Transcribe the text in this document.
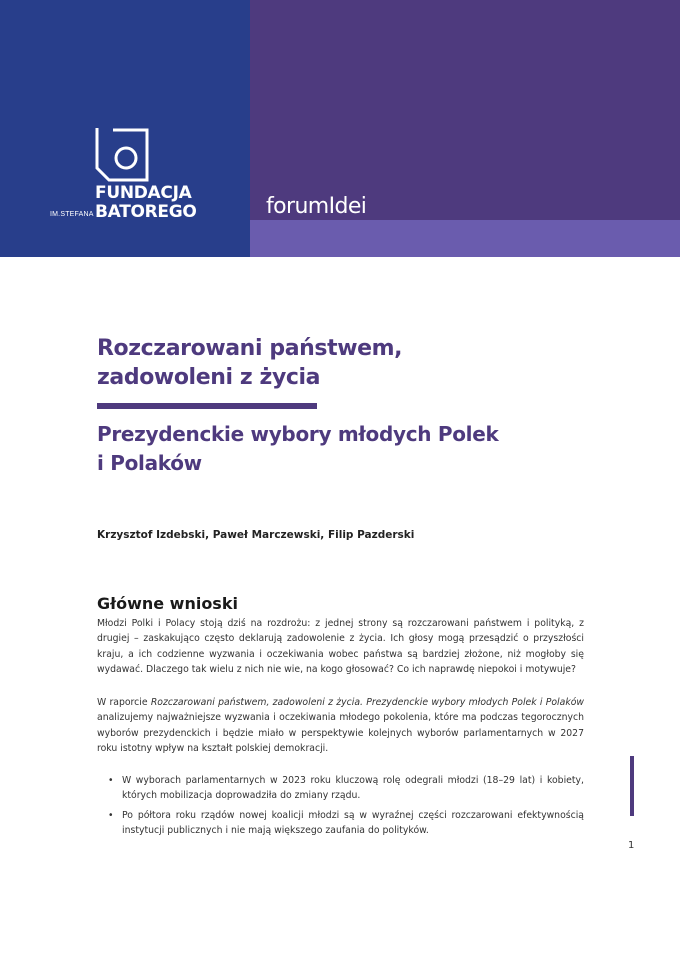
IM.STEFANA
FUNDACJA
BATOREGO	forumIdei
Rozczarowani państwem,
zadowoleni z życia
Prezydenckie wybory młodych Polek
i Polaków
Krzysztof Izdebski, Paweł Marczewski, Filip Pazderski
Główne wnioski
Młodzi Polki i Polacy stoją dziś na rozdrożu: z jednej strony są rozczarowani państwem i polityką, z drugiej – zaskakująco często deklarują zadowolenie z życia. Ich głosy mogą przesądzić o przyszłości kraju, a ich codzienne wyzwania i oczekiwania wobec państwa są bardziej złożone, niż mogłoby się wydawać. Dlaczego tak wielu z nich nie wie, na kogo głosować? Co ich naprawdę niepokoi i motywuje?
W raporcie Rozczarowani państwem, zadowoleni z życia. Prezydenckie wybory młodych Polek i Polaków analizujemy najważniejsze wyzwania i oczekiwania młodego pokolenia, które ma podczas tegorocznych wyborów prezydenckich i będzie miało w perspektywie kolejnych wyborów parlamentarnych w 2027 roku istotny wpływ na kształt polskiej demokracji.
• W wyborach parlamentarnych w 2023 roku kluczową rolę odegrali młodzi (18–29 lat) i kobiety, których mobilizacja doprowadziła do zmiany rządu.
• Po półtora roku rządów nowej koalicji młodzi są w wyraźnej części rozczarowani efektywnością instytucji publicznych i nie mają większego zaufania do polityków.
1
